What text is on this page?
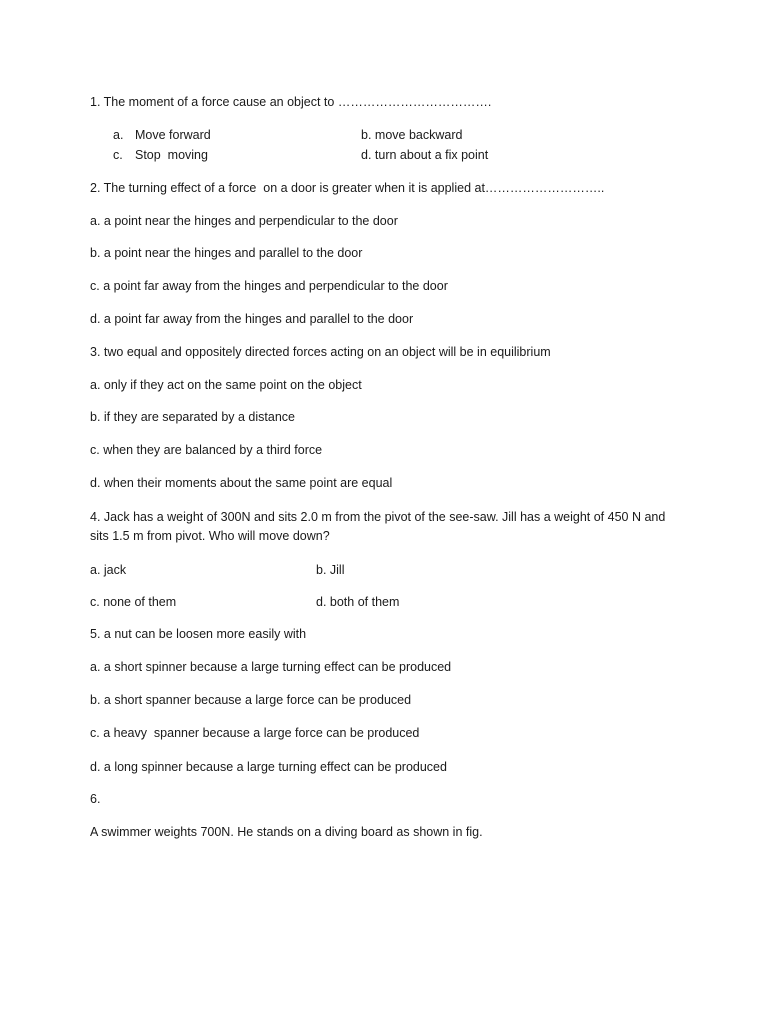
1. The moment of a force cause an object to ……………………………….
a. Move forward	b. move backward
c. Stop  moving	d. turn about a fix point
2. The turning effect of a force  on a door is greater when it is applied at………………………..
a. a point near the hinges and perpendicular to the door
b. a point near the hinges and parallel to the door
c. a point far away from the hinges and perpendicular to the door
d. a point far away from the hinges and parallel to the door
3. two equal and oppositely directed forces acting on an object will be in equilibrium
a. only if they act on the same point on the object
b. if they are separated by a distance
c. when they are balanced by a third force
d. when their moments about the same point are equal
4. Jack has a weight of 300N and sits 2.0 m from the pivot of the see-saw. Jill has a weight of 450 N and
sits 1.5 m from pivot. Who will move down?
a. jack	b. Jill
c. none of them	d. both of them
5. a nut can be loosen more easily with
a. a short spinner because a large turning effect can be produced
b. a short spanner because a large force can be produced
c. a heavy  spanner because a large force can be produced
d. a long spinner because a large turning effect can be produced
6.
A swimmer weights 700N. He stands on a diving board as shown in fig.
